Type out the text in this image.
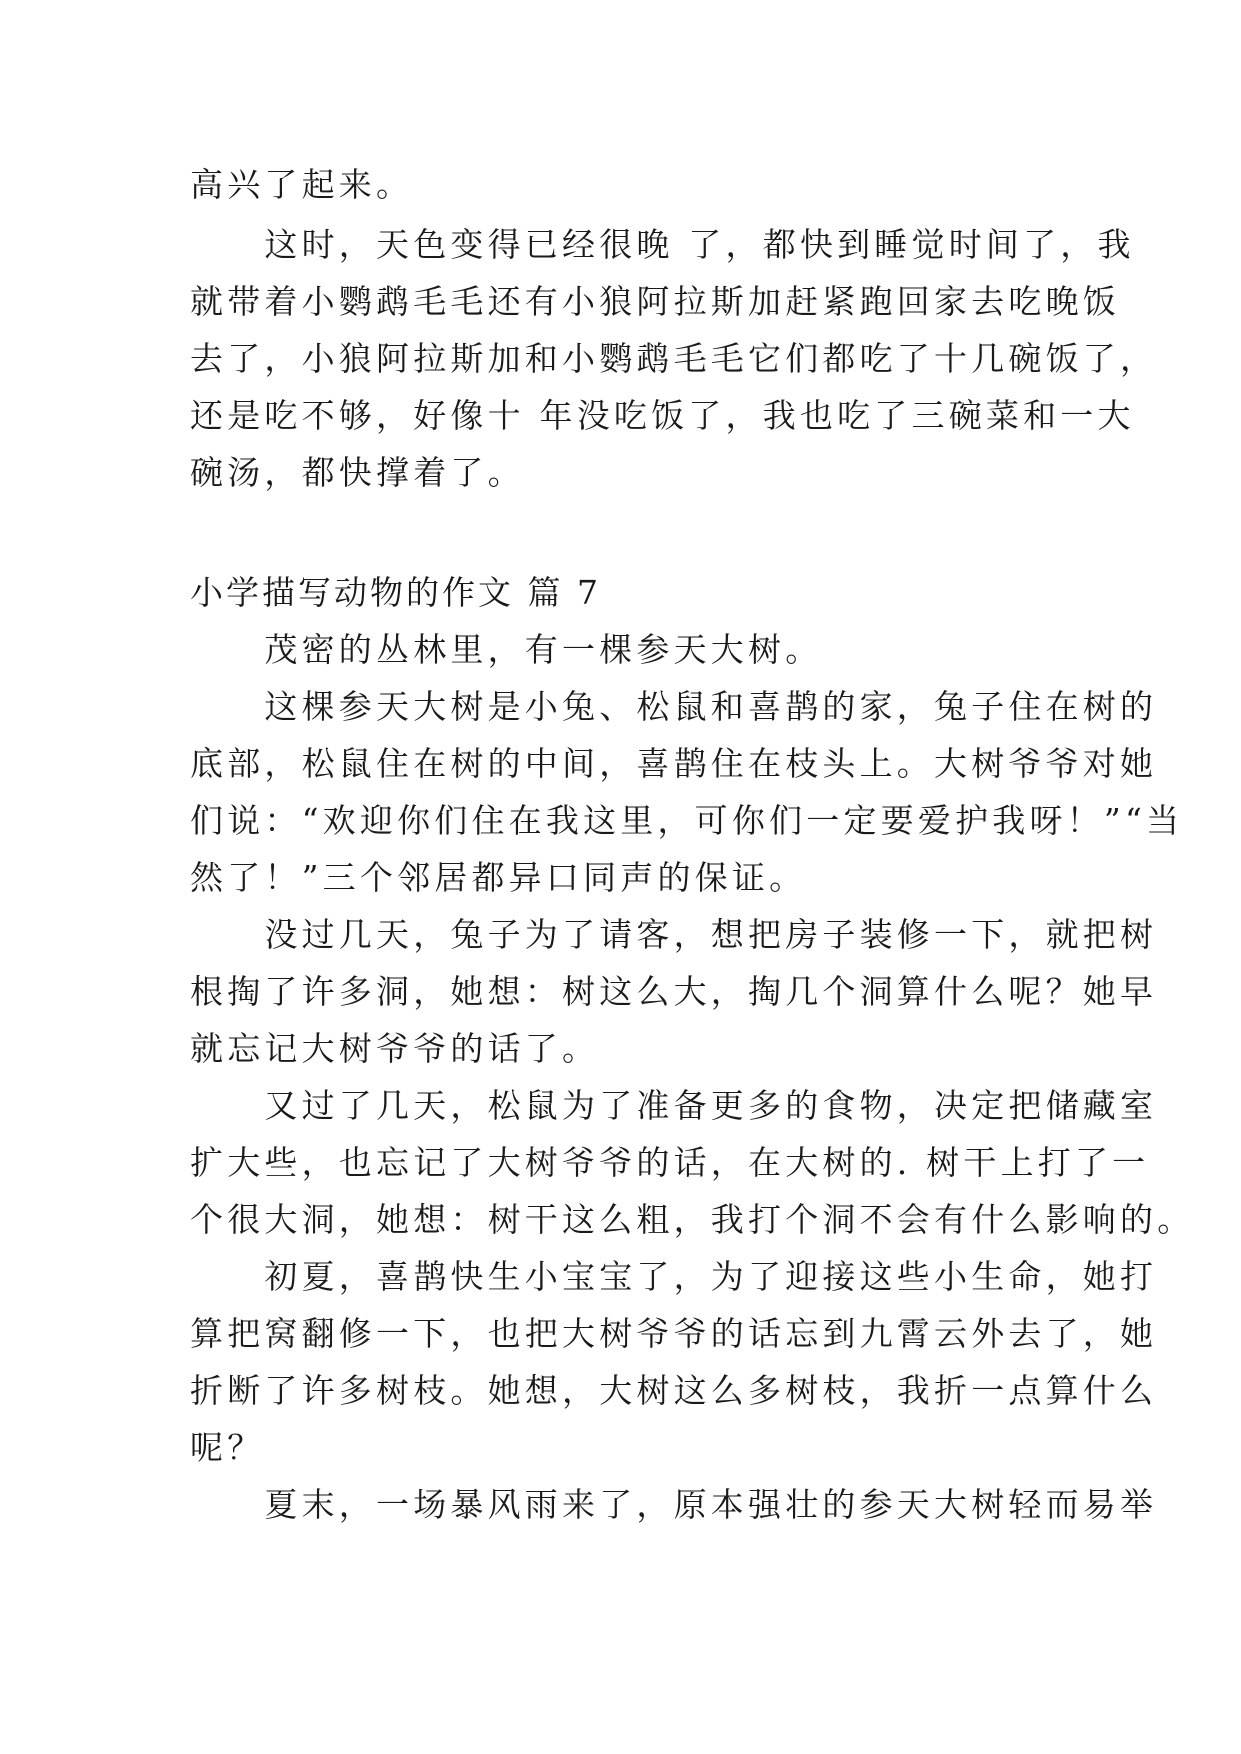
高兴了起来。
　　这时，天色变得已经很晚 了，都快到睡觉时间了，我
就带着小鹦鹉毛毛还有小狼阿拉斯加赶紧跑回家去吃晚饭
去了，小狼阿拉斯加和小鹦鹉毛毛它们都吃了十几碗饭了，
还是吃不够，好像十 年没吃饭了，我也吃了三碗菜和一大
碗汤，都快撑着了。
小学描写动物的作文 篇 7
　　茂密的丛林里，有一棵参天大树。
　　这棵参天大树是小兔、松鼠和喜鹊的家，兔子住在树的
底部，松鼠住在树的中间，喜鹊住在枝头上。大树爷爷对她
们说：“欢迎你们住在我这里，可你们一定要爱护我呀！”“当
然了！”三个邻居都异口同声的保证。
　　没过几天，兔子为了请客，想把房子装修一下，就把树
根掏了许多洞，她想：树这么大，掏几个洞算什么呢？她早
就忘记大树爷爷的话了。
　　又过了几天，松鼠为了准备更多的食物，决定把储藏室
扩大些，也忘记了大树爷爷的话，在大树的. 树干上打了一
个很大洞，她想：树干这么粗，我打个洞不会有什么影响的。
　　初夏，喜鹊快生小宝宝了，为了迎接这些小生命，她打
算把窝翻修一下，也把大树爷爷的话忘到九霄云外去了，她
折断了许多树枝。她想，大树这么多树枝，我折一点算什么
呢？
　　夏末，一场暴风雨来了，原本强壮的参天大树轻而易举
